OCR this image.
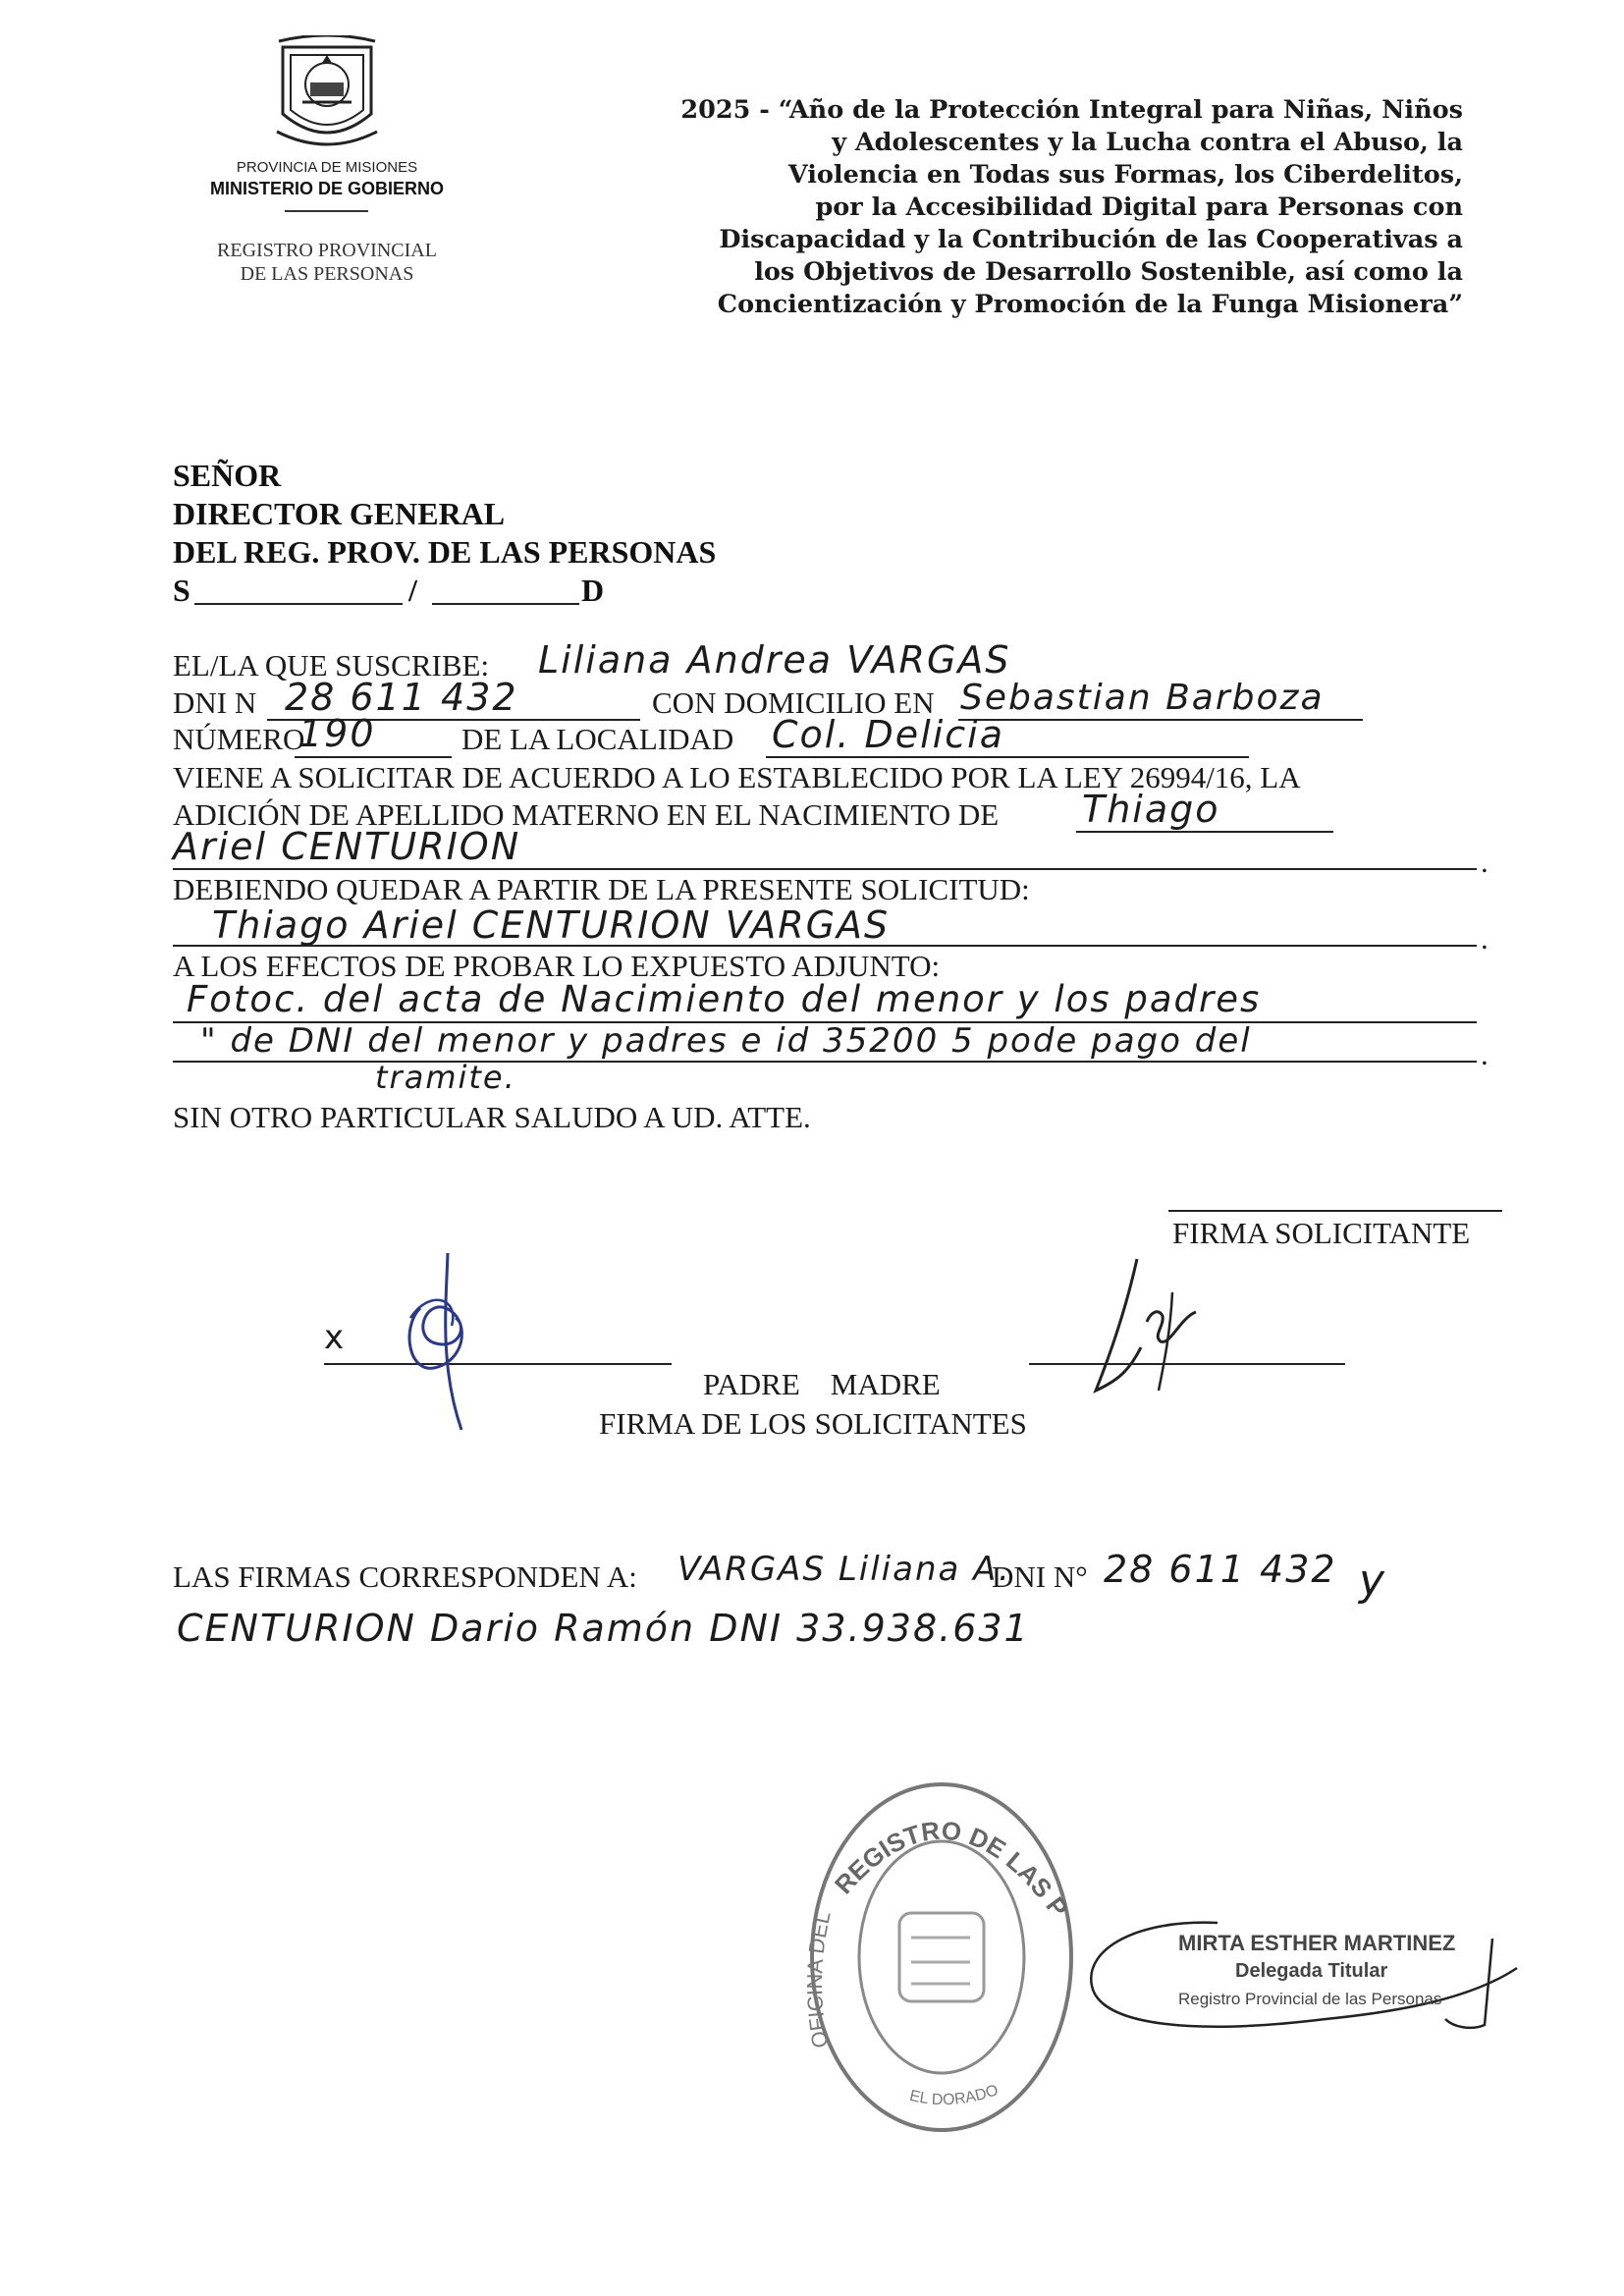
PROVINCIA DE MISIONES
MINISTERIO DE GOBIERNO
REGISTRO PROVINCIAL
DE LAS PERSONAS
2025 - “Año de la Protección Integral para Niñas, Niños
y Adolescentes y la Lucha contra el Abuso, la
Violencia en Todas sus Formas, los Ciberdelitos,
por la Accesibilidad Digital para Personas con
Discapacidad y la Contribución de las Cooperativas a
los Objetivos de Desarrollo Sostenible, así como la
Concientización y Promoción de la Funga Misionera”
SEÑOR
DIRECTOR GENERAL
DEL REG. PROV. DE LAS PERSONAS
S	/	D
EL/LA QUE SUSCRIBE: Liliana Andrea VARGAS
DNI N 28 611 432	CON DOMICILIO EN Sebastian Barboza
NÚMERO
190	DE LA LOCALIDAD Col. Delicia
VIENE A SOLICITAR DE ACUERDO A LO ESTABLECIDO POR LA LEY 26994/16, LA
ADICIÓN DE APELLIDO MATERNO EN EL NACIMIENTO DE Thiago
Ariel CENTURION	.
DEBIENDO QUEDAR A PARTIR DE LA PRESENTE SOLICITUD:
Thiago Ariel CENTURION VARGAS	.
A LOS EFECTOS DE PROBAR LO EXPUESTO ADJUNTO:
Fotoc. del acta de Nacimiento del menor y los padres
" de DNI del menor y padres e id 35200 5 pode pago del	.
tramite.
SIN OTRO PARTICULAR SALUDO A UD. ATTE.
FIRMA SOLICITANTE
x
PADRE    MADRE
FIRMA DE LOS SOLICITANTES
LAS FIRMAS CORRESPONDEN A: VARGAS Liliana A.
DNI N° 28 611 432 y
CENTURION Dario Ramón DNI 33.938.631
REGISTRO DE LAS P
OFICINA DEL
EL DORADO
MIRTA ESTHER MARTINEZ
Delegada Titular
Registro Provincial de las Personas
